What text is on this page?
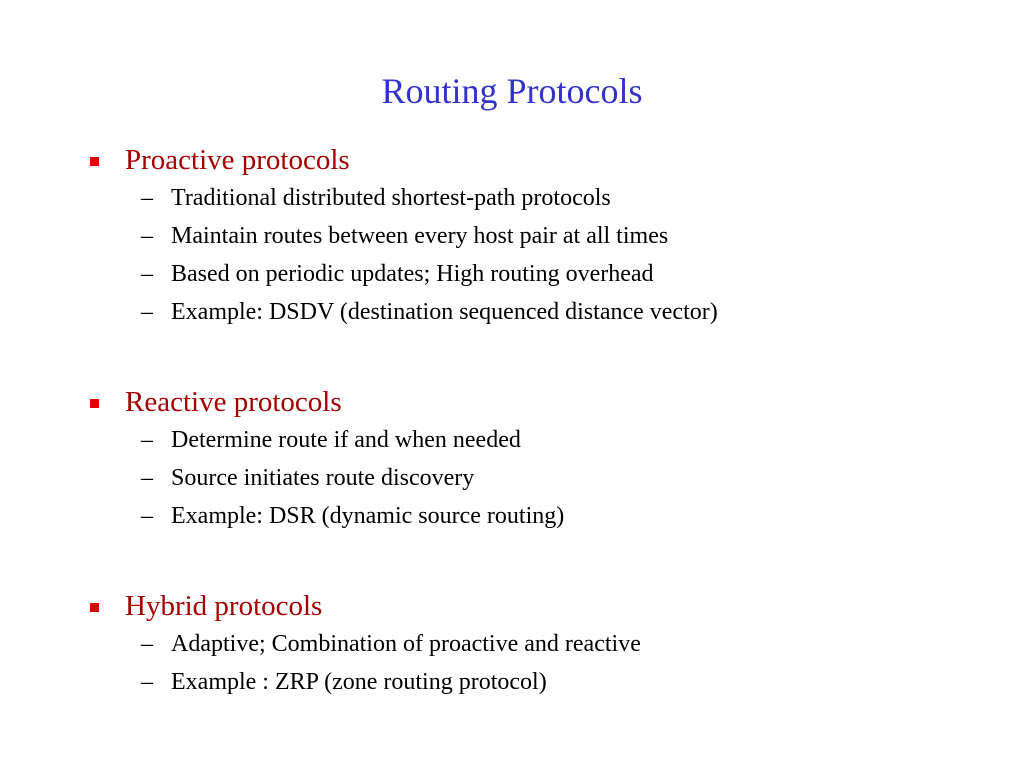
Routing Protocols
Proactive protocols
– Traditional distributed shortest-path protocols
– Maintain routes between every host pair at all times
– Based on periodic updates; High routing overhead
– Example: DSDV (destination sequenced distance vector)
Reactive protocols
– Determine route if and when needed
– Source initiates route discovery
– Example: DSR (dynamic source routing)
Hybrid protocols
– Adaptive; Combination of proactive and reactive
– Example : ZRP (zone routing protocol)
